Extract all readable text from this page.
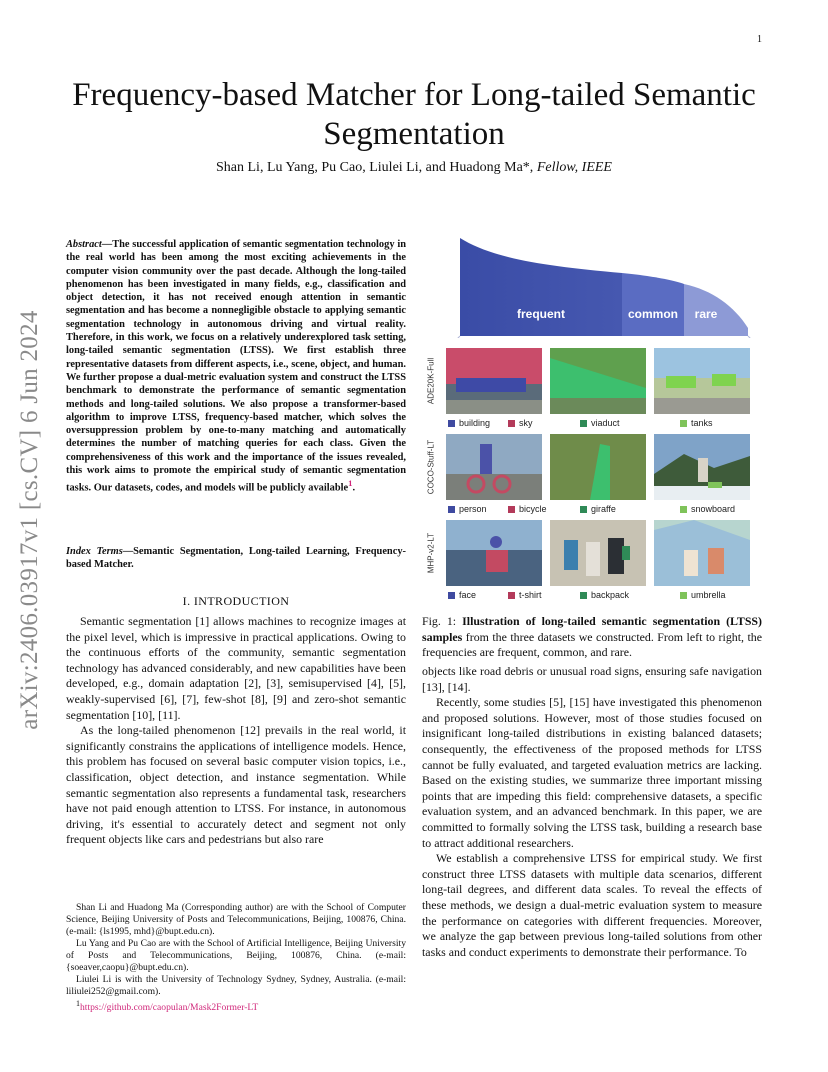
1
arXiv:2406.03917v1 [cs.CV] 6 Jun 2024
Frequency-based Matcher for Long-tailed Semantic
Segmentation
Shan Li, Lu Yang, Pu Cao, Liulei Li, and Huadong Ma*, Fellow, IEEE
Abstract—The successful application of semantic segmentation technology in the real world has been among the most exciting achievements in the computer vision community over the past decade. Although the long-tailed phenomenon has been investigated in many fields, e.g., classification and object detection, it has not received enough attention in semantic segmentation and has become a nonnegligible obstacle to applying semantic segmentation technology in autonomous driving and virtual reality. Therefore, in this work, we focus on a relatively underexplored task setting, long-tailed semantic segmentation (LTSS). We first establish three representative datasets from different aspects, i.e., scene, object, and human. We further propose a dual-metric evaluation system and construct the LTSS benchmark to demonstrate the performance of semantic segmentation methods and long-tailed solutions. We also propose a transformer-based algorithm to improve LTSS, frequency-based matcher, which solves the oversuppression problem by one-to-many matching and automatically determines the number of matching queries for each class. Given the comprehensiveness of this work and the importance of the issues revealed, this work aims to promote the empirical study of semantic segmentation tasks. Our datasets, codes, and models will be publicly available$^1$.
Index Terms—Semantic Segmentation, Long-tailed Learning, Frequency-based Matcher.
I. INTRODUCTION

Semantic segmentation [1] allows machines to recognize images at the pixel level, which is impressive in practical applications. Owing to the continuous efforts of the community, semantic segmentation technology has advanced considerably, and new capabilities have been developed, e.g., domain adaptation [2], [3], semisupervised [4], [5], weakly-supervised [6], [7], few-shot [8], [9] and zero-shot semantic segmentation [10], [11].

As the long-tailed phenomenon [12] prevails in the real world, it significantly constrains the applications of intelligence models. Hence, this problem has focused on several basic computer vision topics, i.e., classification, object detection, and instance segmentation. While semantic segmentation also represents a fundamental task, researchers have not paid enough attention to LTSS. For instance, in autonomous driving, it's essential to accurately detect and segment not only frequent objects like cars and pedestrians but also rare

Shan Li and Huadong Ma (Corresponding author) are with the School of Computer Science, Beijing University of Posts and Telecommunications, Beijing, 100876, China. (e-mail: {ls1995, mhd}@bupt.edu.cn).

Lu Yang and Pu Cao are with the School of Artificial Intelligence, Beijing University of Posts and Telecommunications, Beijing, 100876, China. (e-mail: {soeaver,caopu}@bupt.edu.cn).

Liulei Li is with the University of Technology Sydney, Sydney, Australia. (e-mail: liliulei252@gmail.com).

$^1$https://github.com/caopulan/Mask2Former-LT

frequent	common rare
ADE20K-Full
building	sky	viaduct	tanks
COCO-Stuff-LT
person	bicycle	giraffe	snowboard
MHP-v2-LT
face	t-shirt	backpack	umbrella
Fig. 1: Illustration of long-tailed semantic segmentation (LTSS) samples from the three datasets we constructed. From left to right, the frequencies are frequent, common, and rare.

objects like road debris or unusual road signs, ensuring safe navigation [13], [14].

Recently, some studies [5], [15] have investigated this phenomenon and proposed solutions. However, most of those studies focused on insignificant long-tailed distributions in existing balanced datasets; consequently, the effectiveness of the proposed methods for LTSS cannot be fully evaluated, and targeted evaluation metrics are lacking. Based on the existing studies, we summarize three important missing points that are impeding this field: comprehensive datasets, a specific evaluation system, and an advanced benchmark. In this paper, we are committed to formally solving the LTSS task, building a research base to attract additional researchers.

We establish a comprehensive LTSS for empirical study. We first construct three LTSS datasets with multiple data scenarios, different long-tail degrees, and different data scales. To reveal the effects of these methods, we design a dual-metric evaluation system to measure the performance on categories with different frequencies. Moreover, we analyze the gap between previous long-tailed solutions from other tasks and conduct experiments to demonstrate their performance. To
